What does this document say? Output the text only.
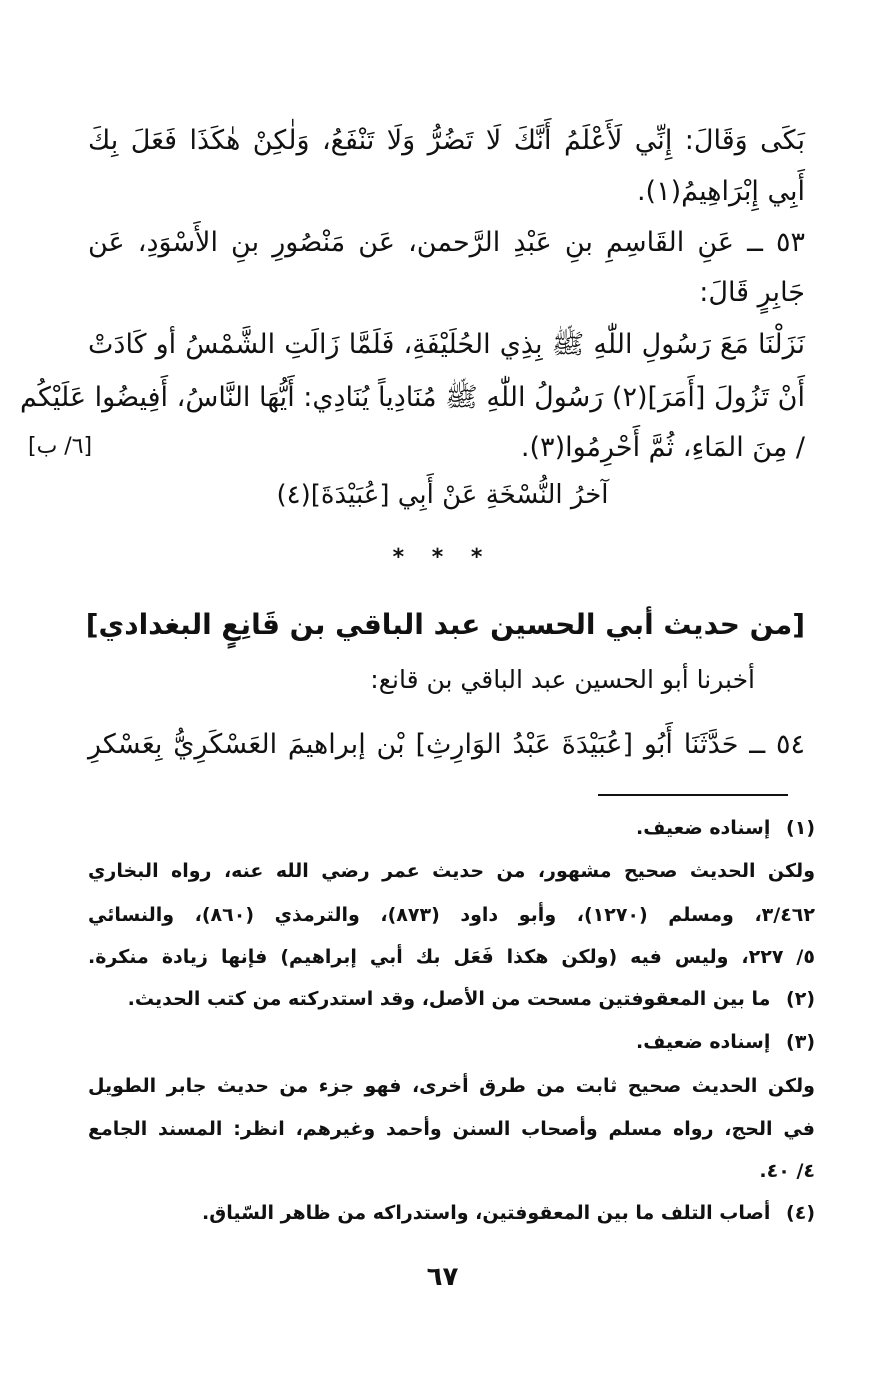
بَكَى وَقَالَ: إِنِّي لَأَعْلَمُ أَنَّكَ لَا تَضُرُّ وَلَا تَنْفَعُ، وَلٰكِنْ هٰكَذَا فَعَلَ بِكَ
أَبِي إِبْرَاهِيمُ(١).
٥٣ ــ عَنِ القَاسِمِ بنِ عَبْدِ الرَّحمن، عَن مَنْصُورِ بنِ الأَسْوَدِ، عَن
جَابِرٍ قَالَ:
نَزَلْنَا مَعَ رَسُولِ اللّٰهِ ﷺ بِذِي الحُلَيْفَةِ، فَلَمَّا زَالَتِ الشَّمْسُ أو كَادَتْ
أَنْ تَزُولَ [أَمَرَ](٢) رَسُولُ اللّٰهِ ﷺ مُنَادِياً يُنَادِي: أَيُّهَا النَّاسُ، أَفِيضُوا عَلَيْكُم
/ مِنَ المَاءِ، ثُمَّ أَحْرِمُوا(٣).
[٦/ ب]
آخرُ النُّسْخَةِ عَنْ أَبِي [عُبَيْدَةَ](٤)
* * *
[من حديث أبي الحسين عبد الباقي بن قَانِعٍ البغدادي]
أخبرنا أبو الحسين عبد الباقي بن قانع:
٥٤ ــ حَدَّثَنَا أَبُو [عُبَيْدَةَ عَبْدُ الوَارِثِ] بْن إبراهيمَ العَسْكَرِيُّ بِعَسْكرِ
(١) إسناده ضعيف.
ولكن الحديث صحيح مشهور، من حديث عمر رضي الله عنه، رواه البخاري
٣/٤٦٢، ومسلم (١٢٧٠)، وأبو داود (٨٧٣)، والترمذي (٨٦٠)، والنسائي
٥/ ٢٢٧، وليس فيه (ولكن هكذا فَعَل بك أبي إبراهيم) فإنها زيادة منكرة.
(٢) ما بين المعقوفتين مسحت من الأصل، وقد استدركته من كتب الحديث.
(٣) إسناده ضعيف.
ولكن الحديث صحيح ثابت من طرق أخرى، فهو جزء من حديث جابر الطويل
في الحج، رواه مسلم وأصحاب السنن وأحمد وغيرهم، انظر: المسند الجامع
٤/ ٤٠.
(٤) أصاب التلف ما بين المعقوفتين، واستدراكه من ظاهر السّياق.
٦٧
